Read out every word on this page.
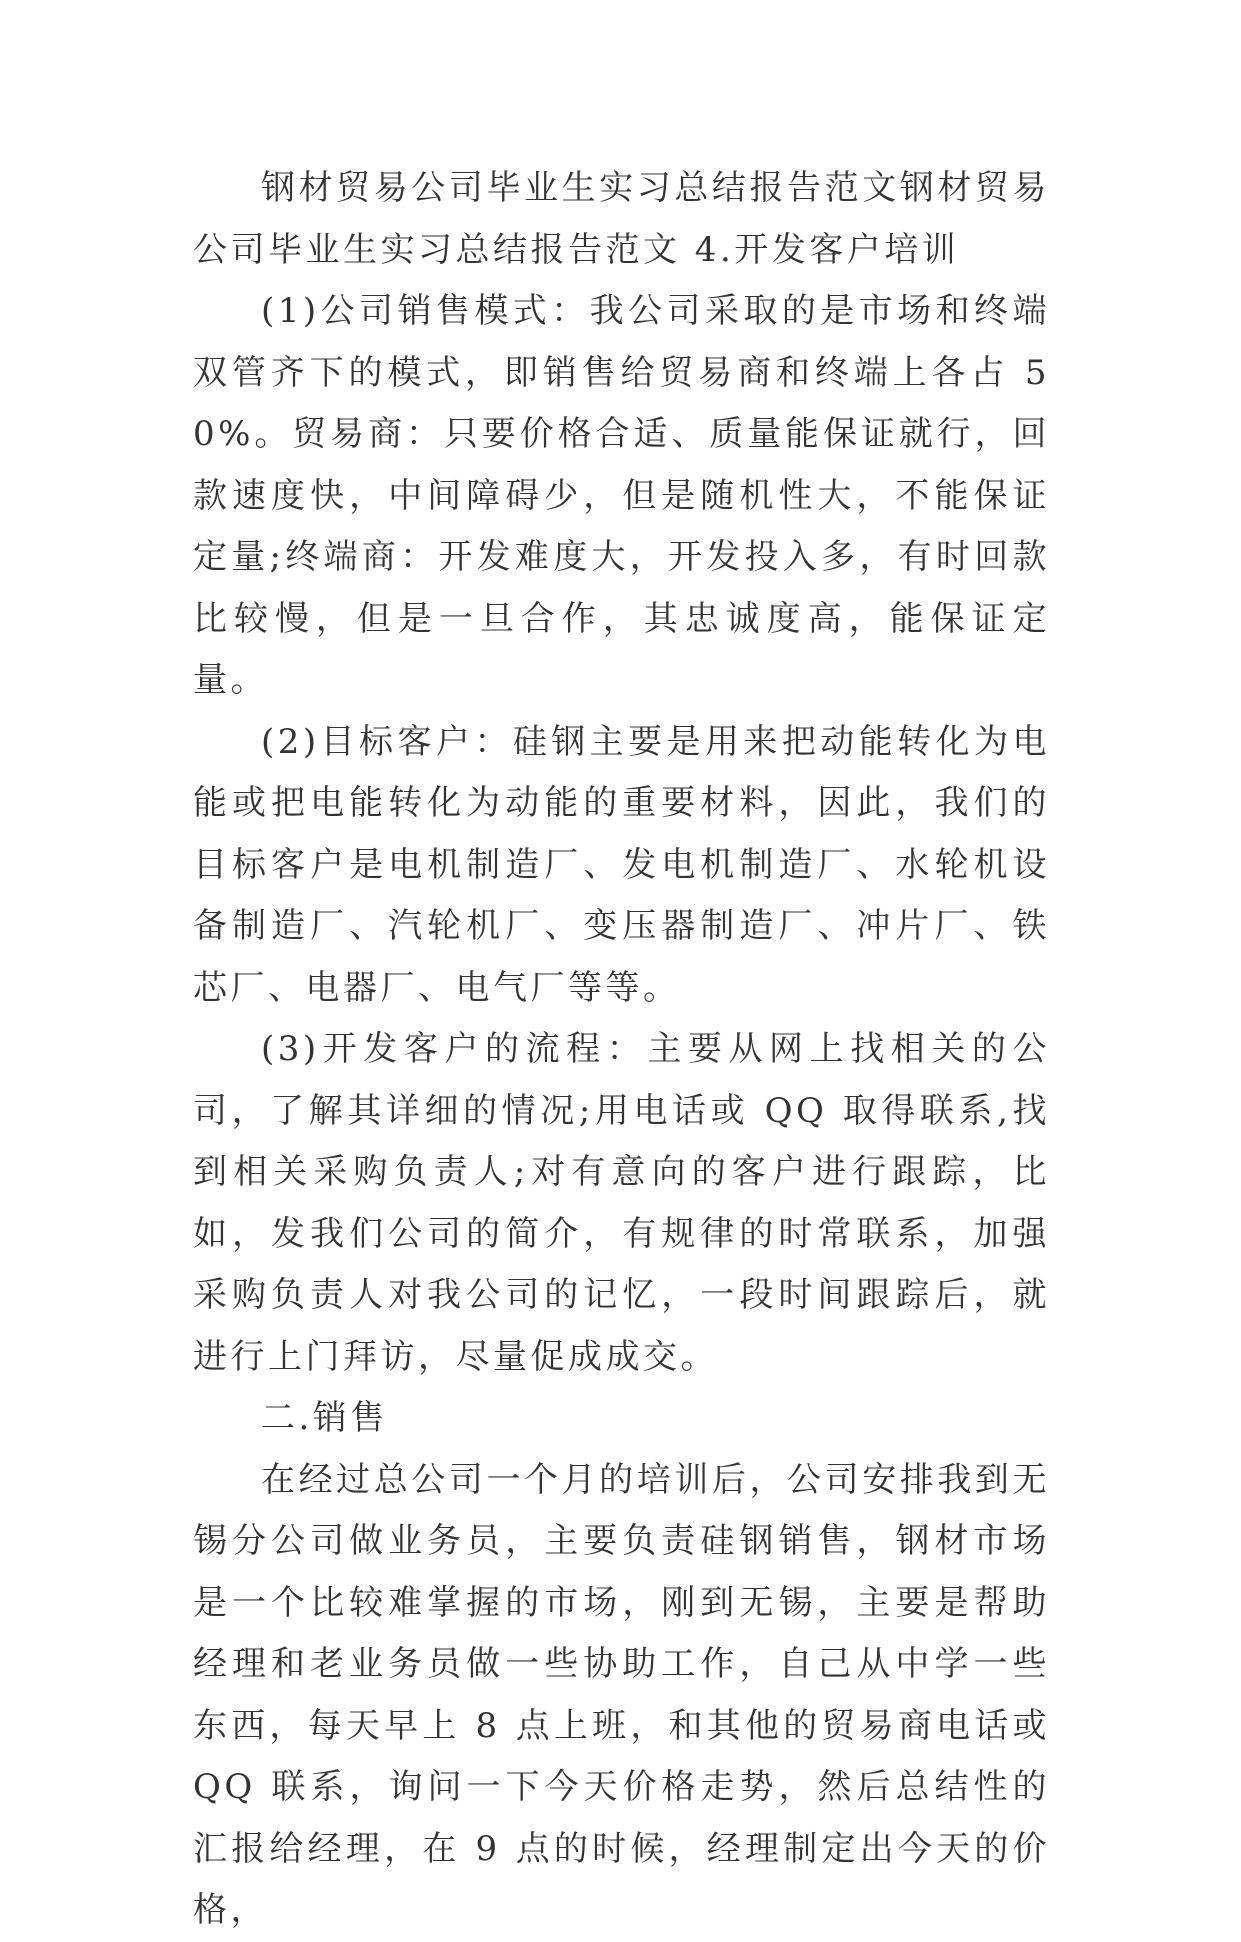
钢材贸易公司毕业生实习总结报告范文钢材贸易公司毕业生实习总结报告范文 4.开发客户培训

(1)公司销售模式：我公司采取的是市场和终端双管齐下的模式，即销售给贸易商和终端上各占 50%。贸易商：只要价格合适、质量能保证就行，回款速度快，中间障碍少，但是随机性大，不能保证定量;终端商：开发难度大，开发投入多，有时回款比较慢，但是一旦合作，其忠诚度高，能保证定量。

(2)目标客户：硅钢主要是用来把动能转化为电能或把电能转化为动能的重要材料，因此，我们的目标客户是电机制造厂、发电机制造厂、水轮机设备制造厂、汽轮机厂、变压器制造厂、冲片厂、铁芯厂、电器厂、电气厂等等。

(3)开发客户的流程：主要从网上找相关的公司，了解其详细的情况;用电话或 QQ 取得联系,找到相关采购负责人;对有意向的客户进行跟踪，比如，发我们公司的简介，有规律的时常联系，加强采购负责人对我公司的记忆，一段时间跟踪后，就进行上门拜访，尽量促成成交。

二.销售

在经过总公司一个月的培训后，公司安排我到无锡分公司做业务员，主要负责硅钢销售，钢材市场是一个比较难掌握的市场，刚到无锡，主要是帮助经理和老业务员做一些协助工作，自己从中学一些东西，每天早上 8 点上班，和其他的贸易商电话或 QQ 联系，询问一下今天价格走势，然后总结性的汇报给经理，在 9 点的时候，经理制定出今天的价格，
